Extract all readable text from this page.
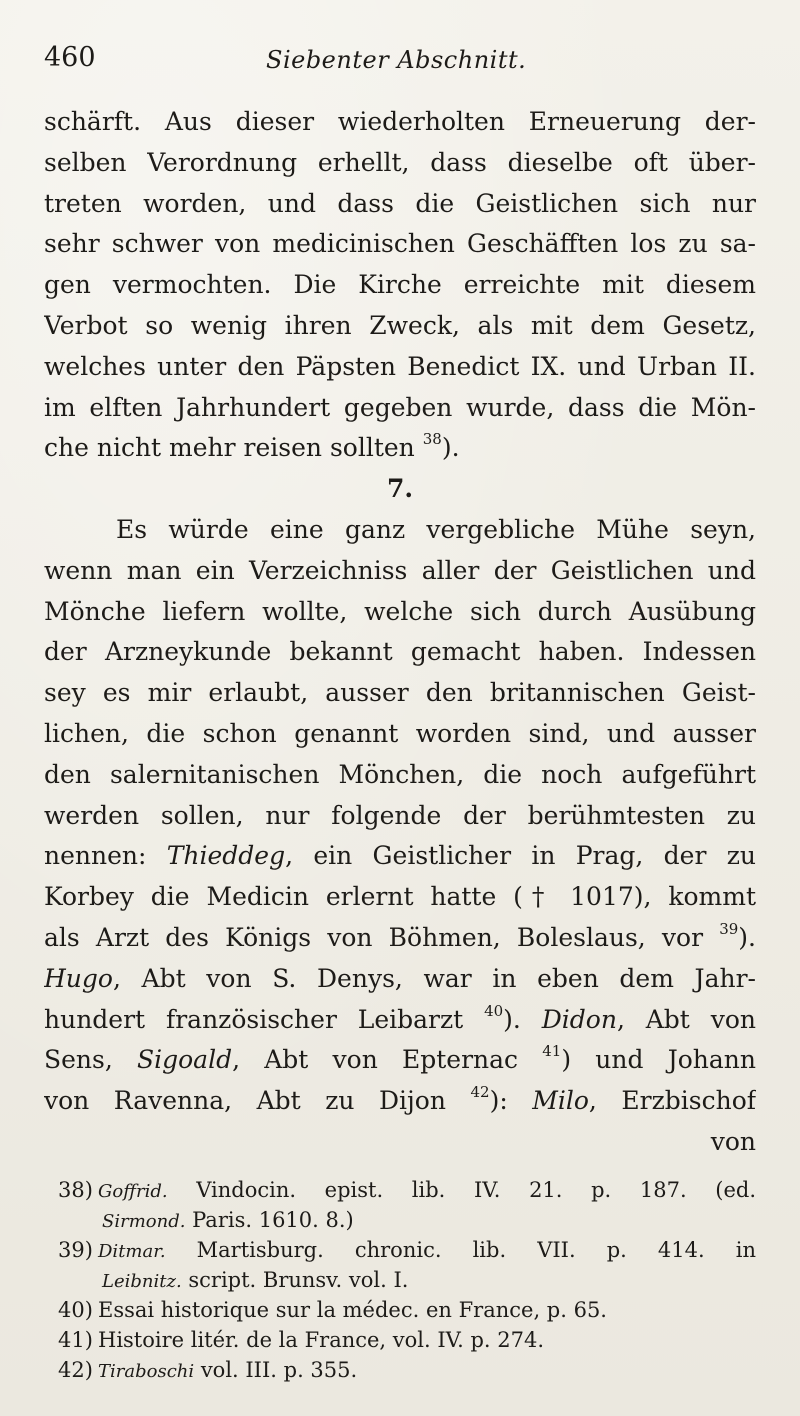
460	Siebenter Abschnitt.
schärft. Aus dieser wiederholten Erneuerung der-
selben Verordnung erhellt, dass dieselbe oft über-
treten worden, und dass die Geistlichen sich nur
sehr schwer von medicinischen Geschäfften los zu sa-
gen vermochten. Die Kirche erreichte mit diesem
Verbot so wenig ihren Zweck, als mit dem Gesetz,
welches unter den Päpsten Benedict IX. und Urban II.
im elften Jahrhundert gegeben wurde, dass die Mön-
che nicht mehr reisen sollten $^{38}$).
7.
Es würde eine ganz vergebliche Mühe seyn,
wenn man ein Verzeichniss aller der Geistlichen und
Mönche liefern wollte, welche sich durch Ausübung
der Arzneykunde bekannt gemacht haben. Indessen
sey es mir erlaubt, ausser den britannischen Geist-
lichen, die schon genannt worden sind, und ausser
den salernitanischen Mönchen, die noch aufgeführt
werden sollen, nur folgende der berühmtesten zu
nennen: Thieddeg, ein Geistlicher in Prag, der zu
Korbey die Medicin erlernt hatte († 1017), kommt
als Arzt des Königs von Böhmen, Boleslaus, vor $^{39}$).
Hugo, Abt von S. Denys, war in eben dem Jahr-
hundert französischer Leibarzt $^{40}$). Didon, Abt von
Sens, Sigoald, Abt von Epternac $^{41}$) und Johann
von Ravenna, Abt zu Dijon $^{42}$): Milo, Erzbischof
von
38) Goffrid. Vindocin. epist. lib. IV. 21. p. 187. (ed.
Sirmond. Paris. 1610. 8.)
39) Ditmar. Martisburg. chronic. lib. VII. p. 414. in
Leibnitz. script. Brunsv. vol. I.
40) Essai historique sur la médec. en France, p. 65.
41) Histoire litér. de la France, vol. IV. p. 274.
42) Tiraboschi vol. III. p. 355.
